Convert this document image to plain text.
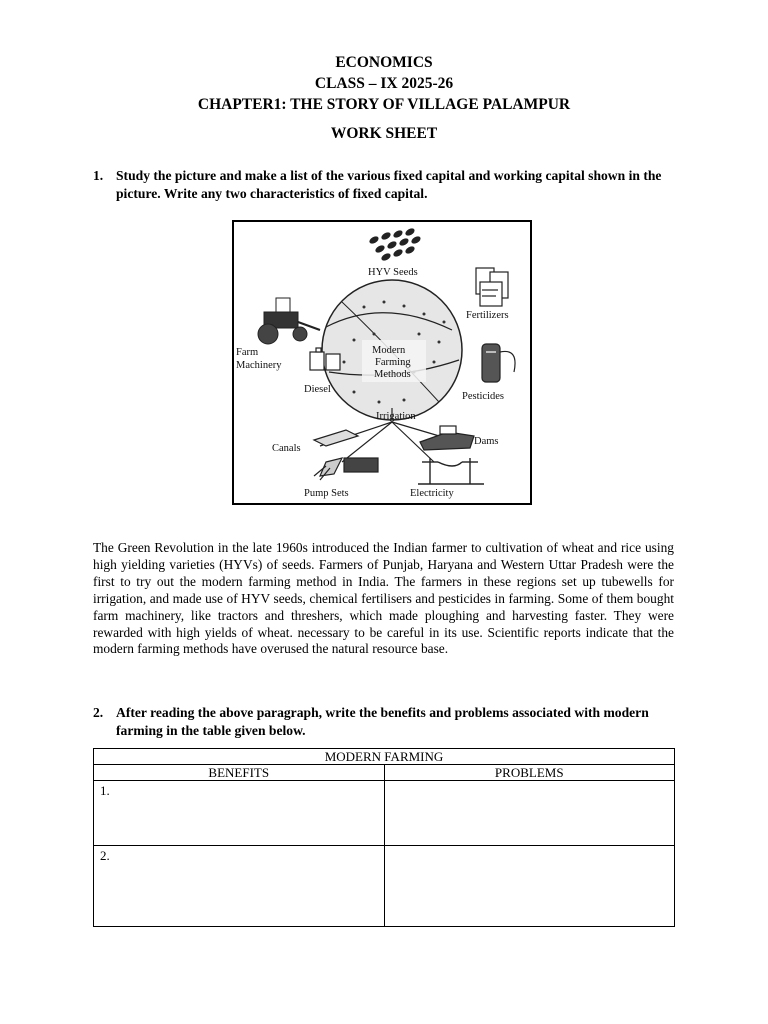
ECONOMICS
CLASS – IX 2025-26
CHAPTER1: THE STORY OF VILLAGE PALAMPUR
WORK SHEET
1. Study the picture and make a list of the various fixed capital and working capital shown in the picture. Write any two characteristics of fixed capital.
HYV Seeds
Fertilizers
Modern
Farming
Methods
Farm
Machinery
Diesel
Pesticides
Irrigation
Canals
Dams
Pump Sets	Electricity
The Green Revolution in the late 1960s introduced the Indian farmer to cultivation of wheat and rice using high yielding varieties (HYVs) of seeds. Farmers of Punjab, Haryana and Western Uttar Pradesh were the first to try out the modern farming method in India. The farmers in these regions set up tubewells for irrigation, and made use of HYV seeds, chemical fertilisers and pesticides in farming. Some of them bought farm machinery, like tractors and threshers, which made ploughing and harvesting faster. They were rewarded with high yields of wheat. necessary to be careful in its use. Scientific reports indicate that the modern farming methods have overused the natural resource base.
2. After reading the above paragraph, write the benefits and problems associated with modern farming in the table given below.
MODERN FARMING	
BENEFITS	PROBLEMS
1.	
2.	
